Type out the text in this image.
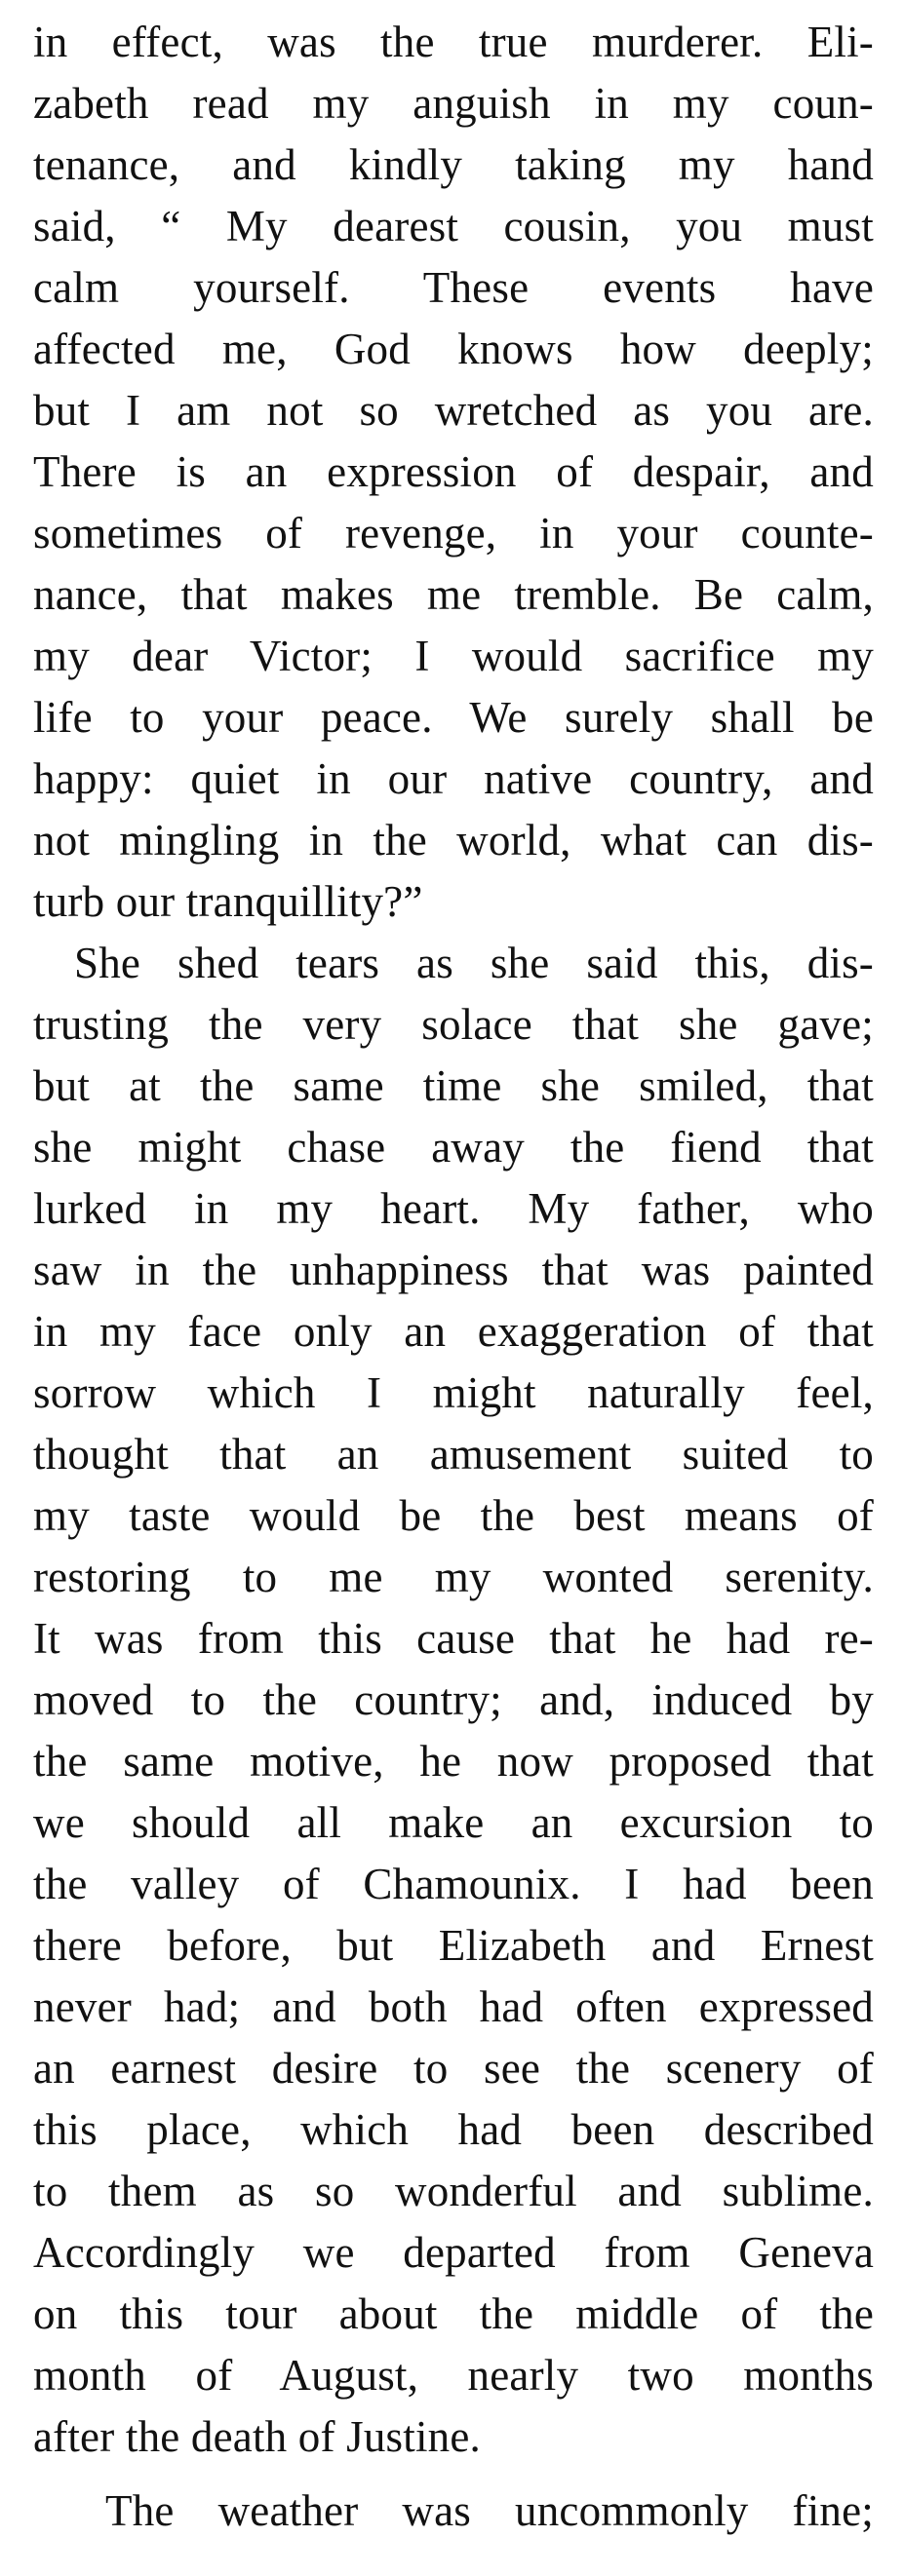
in effect, was the true murderer. Eli-
zabeth read my anguish in my coun-
tenance, and kindly taking my hand
said, “ My dearest cousin, you must
calm yourself. These events have
affected me, God knows how deeply;
but I am not so wretched as you are.
There is an expression of despair, and
sometimes of revenge, in your counte-
nance, that makes me tremble. Be calm,
my dear Victor; I would sacrifice my
life to your peace. We surely shall be
happy: quiet in our native country, and
not mingling in the world, what can dis-
turb our tranquillity?”
She shed tears as she said this, dis-
trusting the very solace that she gave;
but at the same time she smiled, that
she might chase away the fiend that
lurked in my heart. My father, who
saw in the unhappiness that was painted
in my face only an exaggeration of that
sorrow which I might naturally feel,
thought that an amusement suited to
my taste would be the best means of
restoring to me my wonted serenity.
It was from this cause that he had re-
moved to the country; and, induced by
the same motive, he now proposed that
we should all make an excursion to
the valley of Chamounix. I had been
there before, but Elizabeth and Ernest
never had; and both had often expressed
an earnest desire to see the scenery of
this place, which had been described
to them as so wonderful and sublime.
Accordingly we departed from Geneva
on this tour about the middle of the
month of August, nearly two months
after the death of Justine.
The weather was uncommonly fine;
